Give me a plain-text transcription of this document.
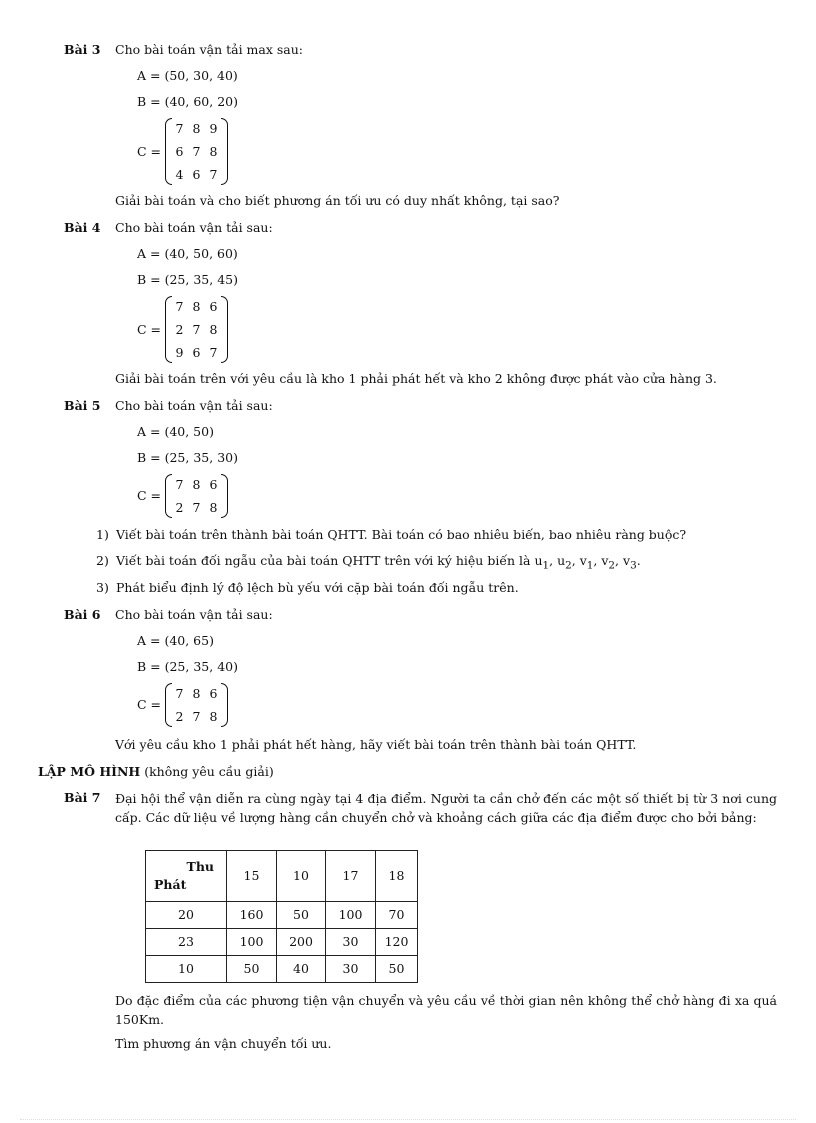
Bài 3 Cho bài toán vận tải max sau:
A = (50, 30, 40)
B = (40, 60, 20)
C =
7 8 9
6 7 8
4 6 7
Giải bài toán và cho biết phương án tối ưu có duy nhất không, tại sao?
Bài 4 Cho bài toán vận tải sau:
A = (40, 50, 60)
B = (25, 35, 45)
C =
7 8 6
2 7 8
9 6 7
Giải bài toán trên với yêu cầu là kho 1 phải phát hết và kho 2 không được phát vào cửa hàng 3.
Bài 5 Cho bài toán vận tải sau:
A = (40, 50)
B = (25, 35, 30)
C =
7 8 6
2 7 8
1) Viết bài toán trên thành bài toán QHTT. Bài toán có bao nhiêu biến, bao nhiêu ràng buộc?
2) Viết bài toán đối ngẫu của bài toán QHTT trên với ký hiệu biến là $u_1$, $u_2$, $v_1$, $v_2$, $v_3$.
3) Phát biểu định lý độ lệch bù yếu với cặp bài toán đối ngẫu trên.
Bài 6 Cho bài toán vận tải sau:
A = (40, 65)
B = (25, 35, 40)
C =
7 8 6
2 7 8
Với yêu cầu kho 1 phải phát hết hàng, hãy viết bài toán trên thành bài toán QHTT.
LẬP MÔ HÌNH (không yêu cầu giải)
Bài 7 Đại hội thể vận diễn ra cùng ngày tại 4 địa điểm. Người ta cần chở đến các một số thiết bị từ 3 nơi cung cấp. Các dữ liệu về lượng hàng cần chuyển chở và khoảng cách giữa các địa điểm được cho bởi bảng:
Thu
Phát	15	10	17	18
20	160	50	100	70
23	100	200	30	120
10	50	40	30	50
Do đặc điểm của các phương tiện vận chuyển và yêu cầu về thời gian nên không thể chở hàng đi xa quá 150Km.
Tìm phương án vận chuyển tối ưu.
